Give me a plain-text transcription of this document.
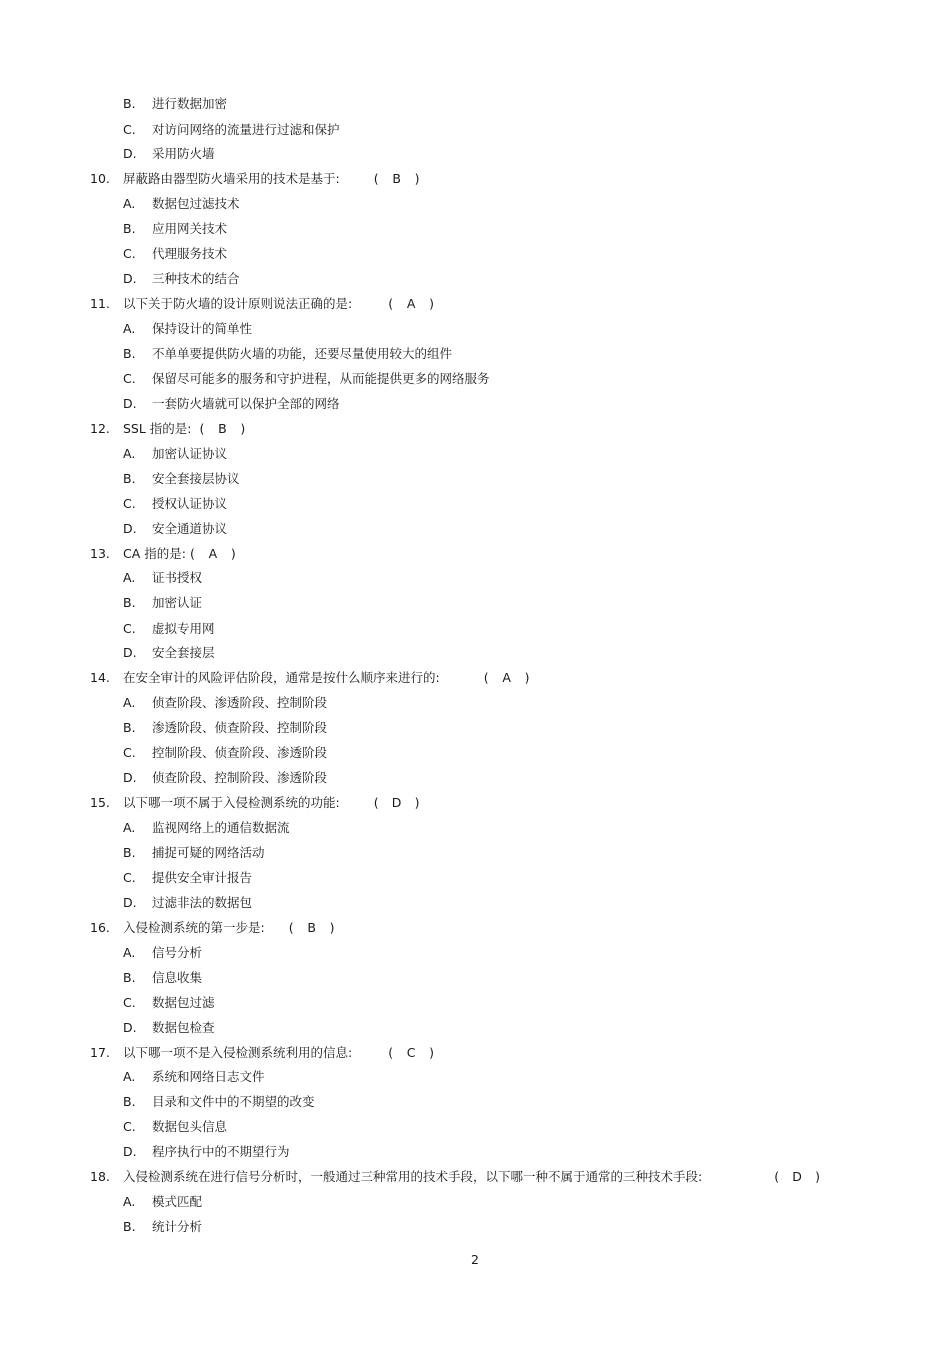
B. 进行数据加密
C. 对访问网络的流量进行过滤和保护
D. 采用防火墙
10. 屏蔽路由器型防火墙采用的技术是基于:	( B )
A. 数据包过滤技术
B. 应用网关技术
C. 代理服务技术
D. 三种技术的结合
11. 以下关于防火墙的设计原则说法正确的是:	( A )
A. 保持设计的简单性
B. 不单单要提供防火墙的功能，还要尽量使用较大的组件
C. 保留尽可能多的服务和守护进程，从而能提供更多的网络服务
D. 一套防火墙就可以保护全部的网络
12. SSL 指的是: ( B )
A. 加密认证协议
B. 安全套接层协议
C. 授权认证协议
D. 安全通道协议
13. CA 指的是: ( A )
A. 证书授权
B. 加密认证
C. 虚拟专用网
D. 安全套接层
14. 在安全审计的风险评估阶段，通常是按什么顺序来进行的:	( A )
A. 侦查阶段、渗透阶段、控制阶段
B. 渗透阶段、侦查阶段、控制阶段
C. 控制阶段、侦查阶段、渗透阶段
D. 侦查阶段、控制阶段、渗透阶段
15. 以下哪一项不属于入侵检测系统的功能:	( D )
A. 监视网络上的通信数据流
B. 捕捉可疑的网络活动
C. 提供安全审计报告
D. 过滤非法的数据包
16. 入侵检测系统的第一步是: ( B )
A. 信号分析
B. 信息收集
C. 数据包过滤
D. 数据包检查
17. 以下哪一项不是入侵检测系统利用的信息:	( C )
A. 系统和网络日志文件
B. 目录和文件中的不期望的改变
C. 数据包头信息
D. 程序执行中的不期望行为
18. 入侵检测系统在进行信号分析时，一般通过三种常用的技术手段，以下哪一种不属于通常的三种技术手段:	( D )
A. 模式匹配
B. 统计分析
2
